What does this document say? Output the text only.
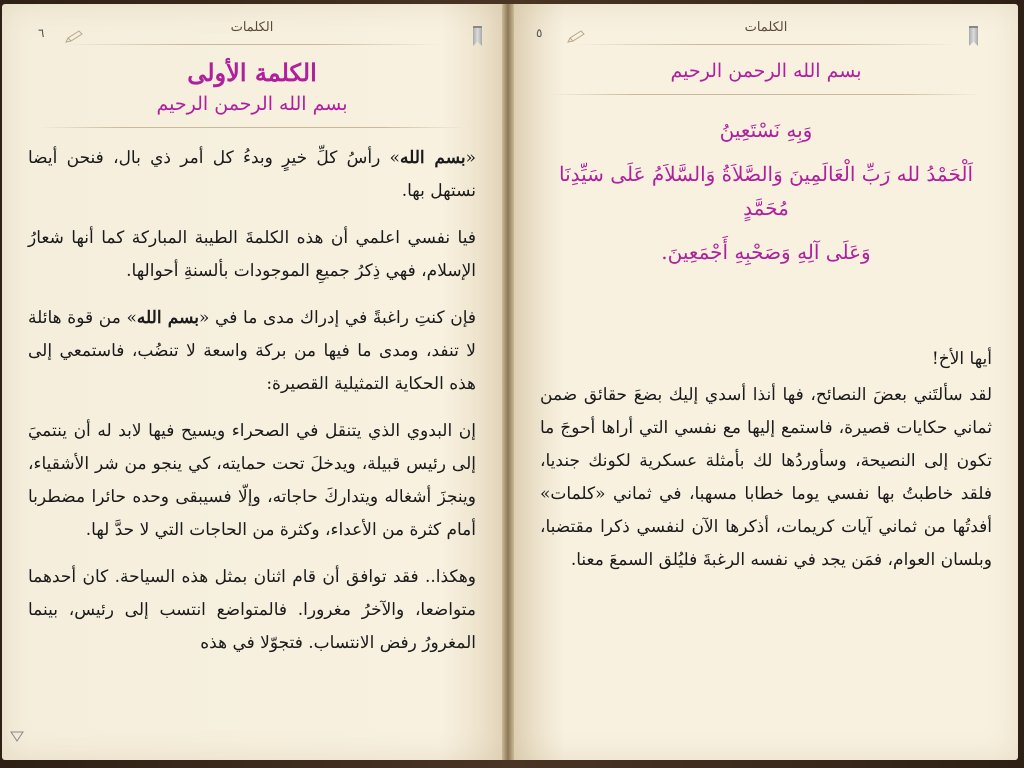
الكلمات
٦
الكلمة الأولى
بسم الله الرحمن الرحيم

«بسم الله» رأسُ كلِّ خيرٍ وبدءُ كل أمر ذي بال، فنحن أيضا نستهل بها.

فيا نفسي اعلمي أن هذه الكلمةَ الطيبة المباركة كما أنها شعارُ الإسلام، فهي ذِكرُ جميعِ الموجودات بألسنةِ أحوالها.

فإن كنتِ راغبةً في إدراك مدى ما في «بسم الله» من قوة هائلة لا تنفد، ومدى ما فيها من بركة واسعة لا تنضُب، فاستمعي إلى هذه الحكاية التمثيلية القصيرة:

إن البدوي الذي يتنقل في الصحراء ويسيح فيها لابد له أن ينتميَ إلى رئيس قبيلة، ويدخلَ تحت حمايته، كي ينجو من شر الأشقياء، وينجزَ أشغاله ويتداركَ حاجاته، وإلّا فسيبقى وحده حائرا مضطربا أمام كثرة من الأعداء، وكثرة من الحاجات التي لا حدَّ لها.

وهكذا.. فقد توافق أن قام اثنان بمثل هذه السياحة. كان أحدهما متواضعا، والآخرُ مغرورا. فالمتواضع انتسب إلى رئيس، بينما المغرورُ رفض الانتساب. فتجوّلا في هذه

الكلمات
٥
بسم الله الرحمن الرحيم
وَبِهِ نَسْتَعِينُ
اَلْحَمْدُ لله رَبِّ الْعَالَمِينَ وَالصَّلاَةُ وَالسَّلاَمُ عَلَى سَيِّدِنَا مُحَمَّدٍ
وَعَلَى آلِهِ وَصَحْبِهِ أَجْمَعِينَ.
أيها الأخ!

لقد سألتَني بعضَ النصائح، فها أنذا أسدي إليك بضعَ حقائق ضمن ثماني حكايات قصيرة، فاستمع إليها مع نفسي التي أراها أحوجَ ما تكون إلى النصيحة، وسأوردُها لك بأمثلة عسكرية لكونك جنديا، فلقد خاطبتُ بها نفسي يوما خطابا مسهبا، في ثماني «كلمات» أفدتُها من ثماني آيات كريمات، أذكرها الآن لنفسي ذكرا مقتضبا، وبلسان العوام، فمَن يجد في نفسه الرغبةَ فليُلق السمعَ معنا.
